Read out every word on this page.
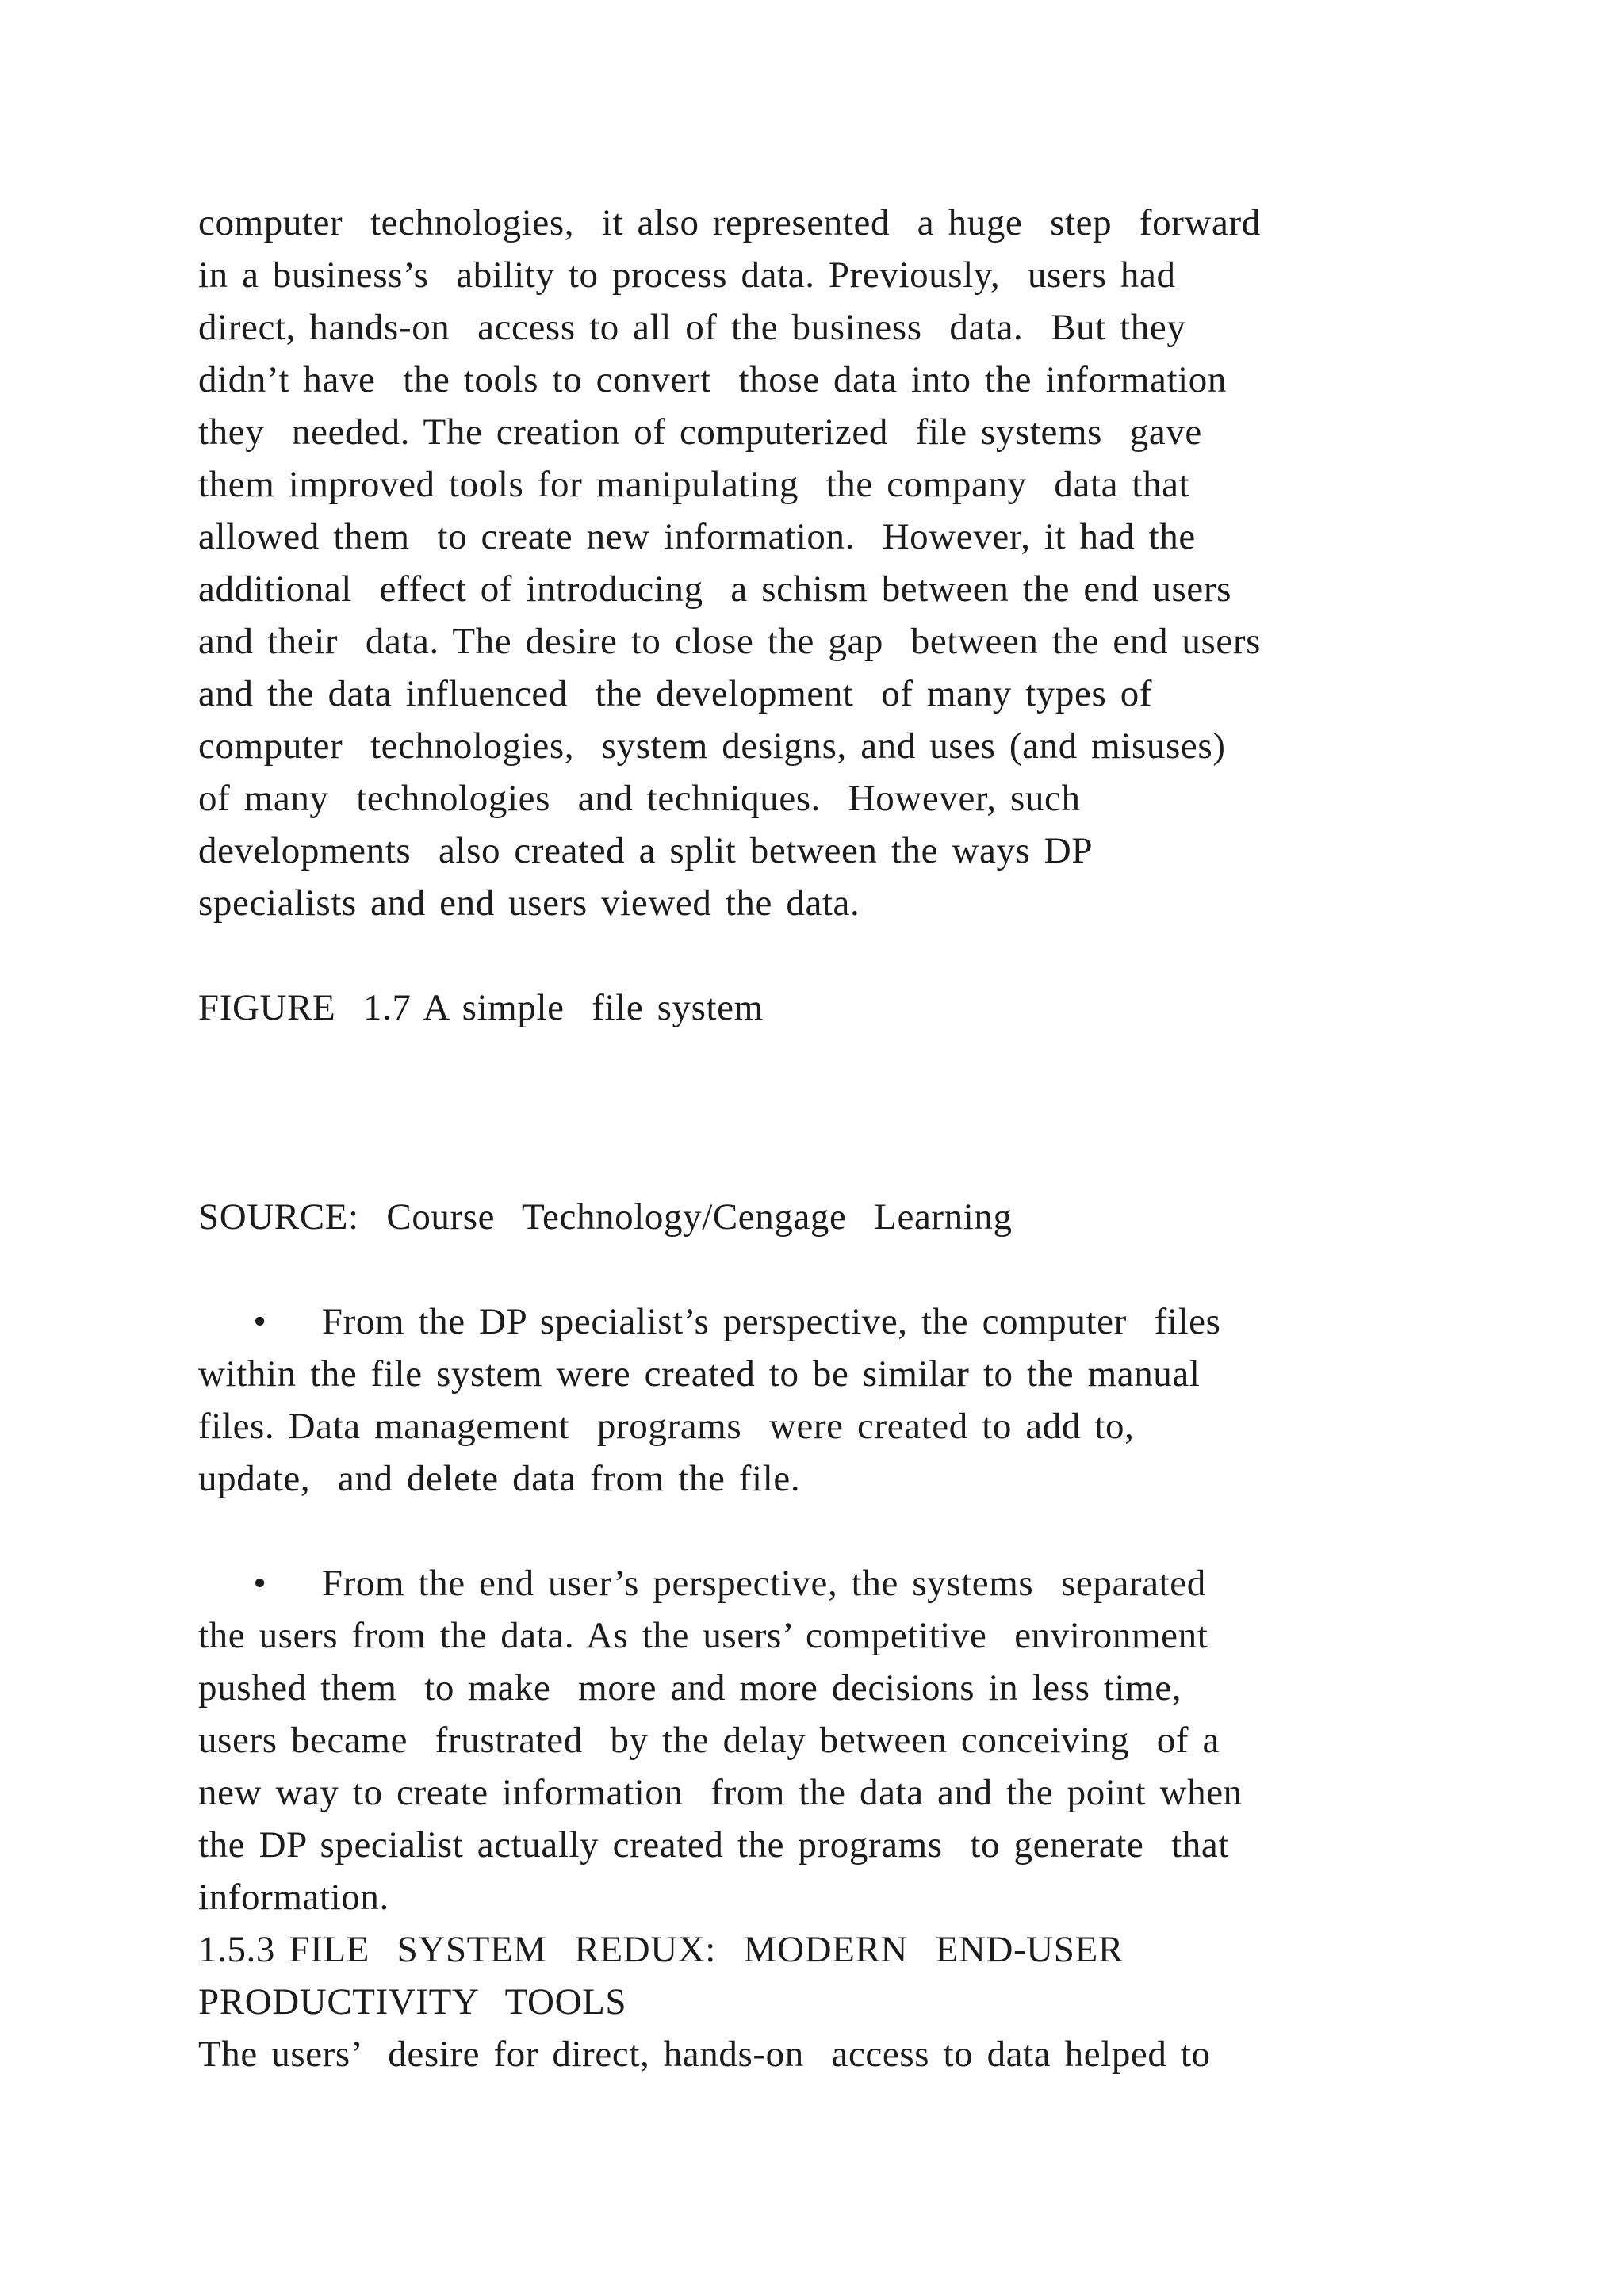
computer  technologies,  it also represented  a huge  step  forward
in a business’s  ability to process data. Previously,  users had
direct, hands-on  access to all of the business  data.  But they
didn’t have  the tools to convert  those data into the information
they  needed. The creation of computerized  file systems  gave
them improved tools for manipulating  the company  data that
allowed them  to create new information.  However, it had the
additional  effect of introducing  a schism between the end users
and their  data. The desire to close the gap  between the end users
and the data influenced  the development  of many types of
computer  technologies,  system designs, and uses (and misuses)
of many  technologies  and techniques.  However, such
developments  also created a split between the ways DP
specialists and end users viewed the data.

FIGURE  1.7 A simple  file system

SOURCE:  Course  Technology/Cengage  Learning

•    From the DP specialist’s perspective, the computer  files
within the file system were created to be similar to the manual
files. Data management  programs  were created to add to,
update,  and delete data from the file.

•    From the end user’s perspective, the systems  separated
the users from the data. As the users’ competitive  environment
pushed them  to make  more and more decisions in less time,
users became  frustrated  by the delay between conceiving  of a
new way to create information  from the data and the point when
the DP specialist actually created the programs  to generate  that
information.

1.5.3 FILE  SYSTEM  REDUX:  MODERN  END-USER
PRODUCTIVITY  TOOLS

The users’  desire for direct, hands-on  access to data helped to
